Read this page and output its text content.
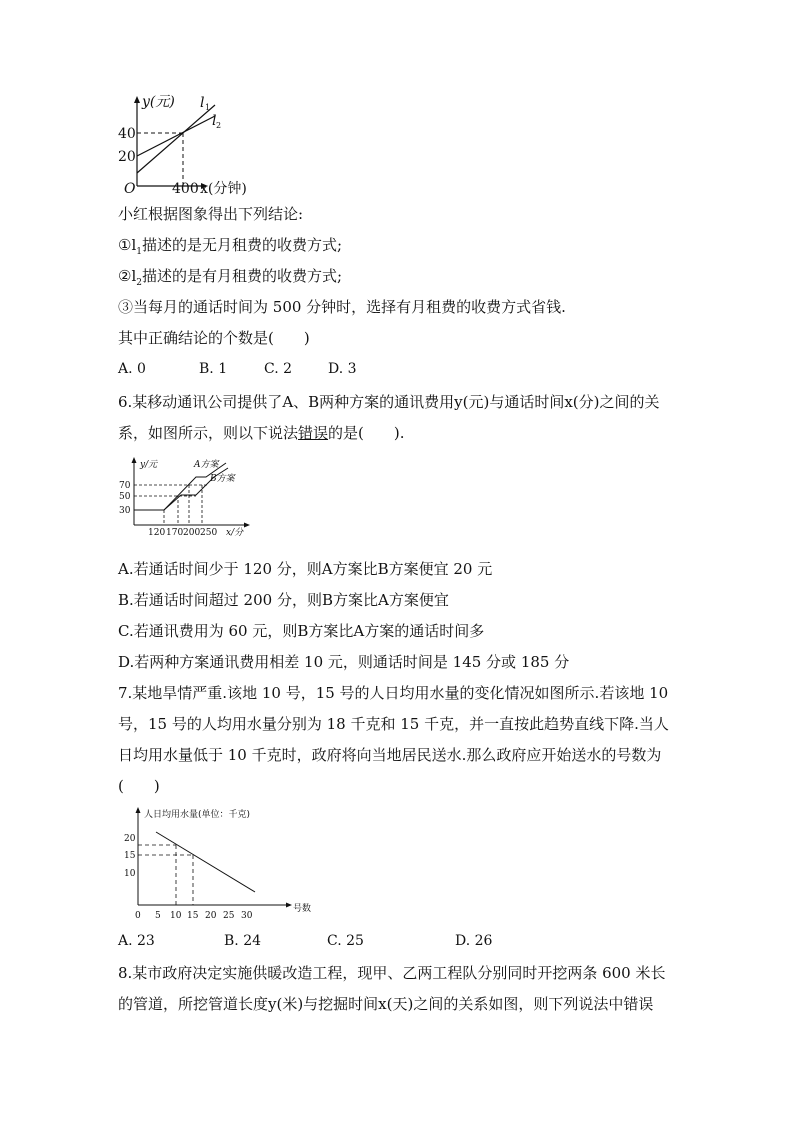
y(元)
40
20
O	400 x(分钟)
l 1
l 2
小红根据图象得出下列结论:
$①l_1$描述的是无月租费的收费方式;
$②l_2$描述的是有月租费的收费方式;
③当每月的通话时间为 500 分钟时，选择有月租费的收费方式省钱.
其中正确结论的个数是(　　)
A. 0	B. 1	C. 2	D. 3
6.某移动通讯公司提供了A、B两种方案的通讯费用y(元)与通话时间x(分)之间的关
系，如图所示，则以下说法错误的是(　　).
y/元	A方案
B方案
70
50
30
120 170 200 250 x/分
A.若通话时间少于 120 分，则A方案比B方案便宜 20 元
B.若通话时间超过 200 分，则B方案比A方案便宜
C.若通讯费用为 60 元，则B方案比A方案的通话时间多
D.若两种方案通讯费用相差 10 元，则通话时间是 145 分或 185 分
7.某地旱情严重.该地 10 号，15 号的人日均用水量的变化情况如图所示.若该地 10
号，15 号的人均用水量分别为 18 千克和 15 千克，并一直按此趋势直线下降.当人
日均用水量低于 10 千克时，政府将向当地居民送水.那么政府应开始送水的号数为
(　　)
人日均用水量(单位：千克)
20
15
10
0 5 10 15 20 25 30
号数
A. 23	B. 24	C. 25	D. 26
8.某市政府决定实施供暖改造工程，现甲、乙两工程队分别同时开挖两条 600 米长
的管道，所挖管道长度y(米)与挖掘时间x(天)之间的关系如图，则下列说法中错误
